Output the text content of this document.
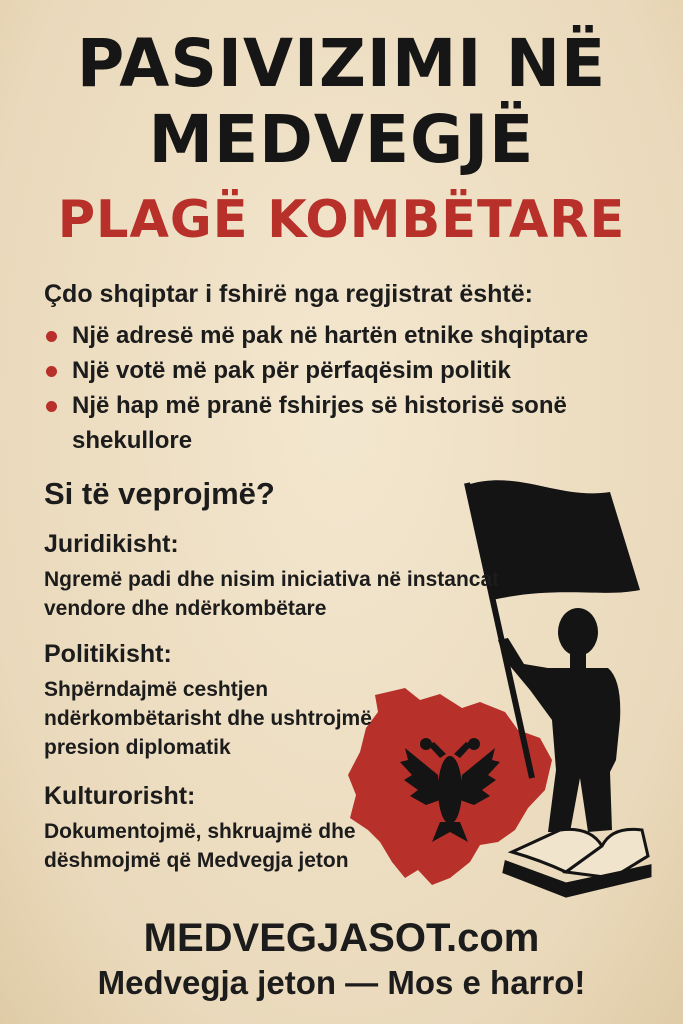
PASIVIZIMI NË
MEDVEGJË
PLAGË KOMBËTARE
Çdo shqiptar i fshirë nga regjistrat është:
Një adresë më pak në hartën etnike shqiptare
Një votë më pak për përfaqësim politik
Një hap më pranë fshirjes së historisë sonë shekullore
Si të veprojmë?
Juridikisht:

Ngremë padi dhe nisim iniciativa në instancat vendore dhe ndërkombëtare

Politikisht:

Shpërndajmë ceshtjen ndërkombëtarisht dhe ushtrojmë presion diplomatik

Kulturorisht:

Dokumentojmë, shkruajmë dhe dëshmojmë që Medvegja jeton

MEDVEGJASOT.com
Medvegja jeton — Mos e harro!
